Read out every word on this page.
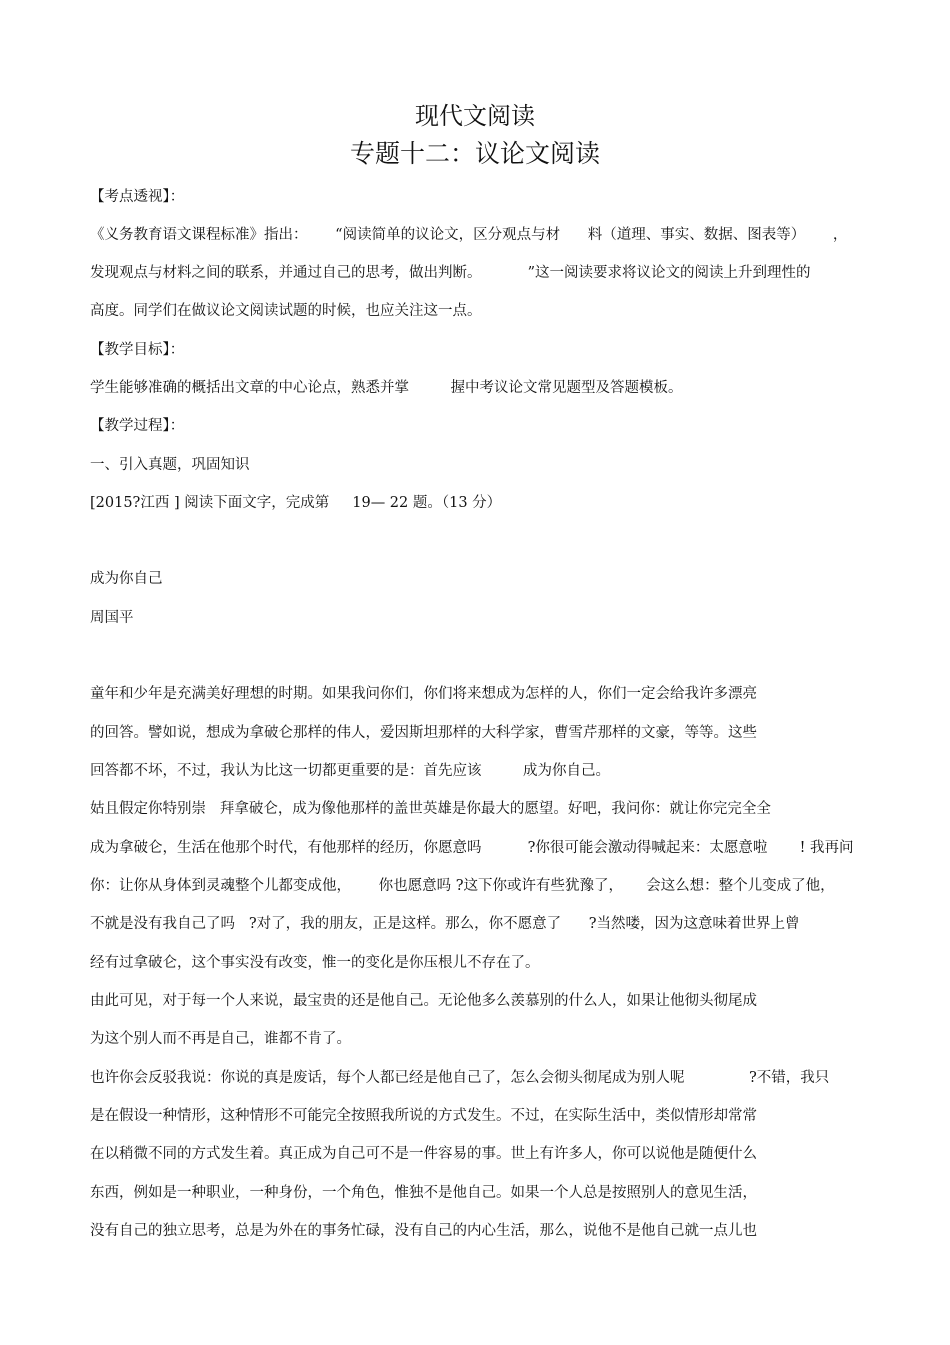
现代文阅读
专题十二：议论文阅读
【考点透视】：
《义务教育语文课程标准》指出：      “阅读简单的议论文，区分观点与材      料（道理、事实、数据、图表等）      ，
发现观点与材料之间的联系，并通过自己的思考，做出判断。          ”这一阅读要求将议论文的阅读上升到理性的
高度。同学们在做议论文阅读试题的时候，也应关注这一点。
【教学目标】：
学生能够准确的概括出文章的中心论点，熟悉并掌         握中考议论文常见题型及答题模板。
【教学过程】：
一、引入真题，巩固知识
[2015?江西 ] 阅读下面文字，完成第     19— 22 题。（13 分）
成为你自己
周国平
童年和少年是充满美好理想的时期。如果我问你们，你们将来想成为怎样的人，你们一定会给我许多漂亮
的回答。譬如说，想成为拿破仑那样的伟人，爱因斯坦那样的大科学家，曹雪芹那样的文豪，等等。这些
回答都不坏，不过，我认为比这一切都更重要的是：首先应该         成为你自己。
姑且假定你特别崇   拜拿破仑，成为像他那样的盖世英雄是你最大的愿望。好吧，我问你：就让你完完全全
成为拿破仑，生活在他那个时代，有他那样的经历，你愿意吗          ?你很可能会激动得喊起来：太愿意啦       ! 我再问
你：让你从身体到灵魂整个儿都变成他，      你也愿意吗 ?这下你或许有些犹豫了，     会这么想：整个儿变成了他，
不就是没有我自己了吗   ?对了，我的朋友，正是这样。那么，你不愿意了      ?当然喽，因为这意味着世界上曾
经有过拿破仑，这个事实没有改变，惟一的变化是你压根儿不存在了。
由此可见，对于每一个人来说，最宝贵的还是他自己。无论他多么羡慕别的什么人，如果让他彻头彻尾成
为这个别人而不再是自己，谁都不肯了。
也许你会反驳我说：你说的真是废话，每个人都已经是他自己了，怎么会彻头彻尾成为别人呢              ?不错，我只
是在假设一种情形，这种情形不可能完全按照我所说的方式发生。不过，在实际生活中，类似情形却常常
在以稍微不同的方式发生着。真正成为自己可不是一件容易的事。世上有许多人，你可以说他是随便什么
东西，例如是一种职业，一种身份，一个角色，惟独不是他自己。如果一个人总是按照别人的意见生活，
没有自己的独立思考，总是为外在的事务忙碌，没有自己的内心生活，那么，说他不是他自己就一点儿也
